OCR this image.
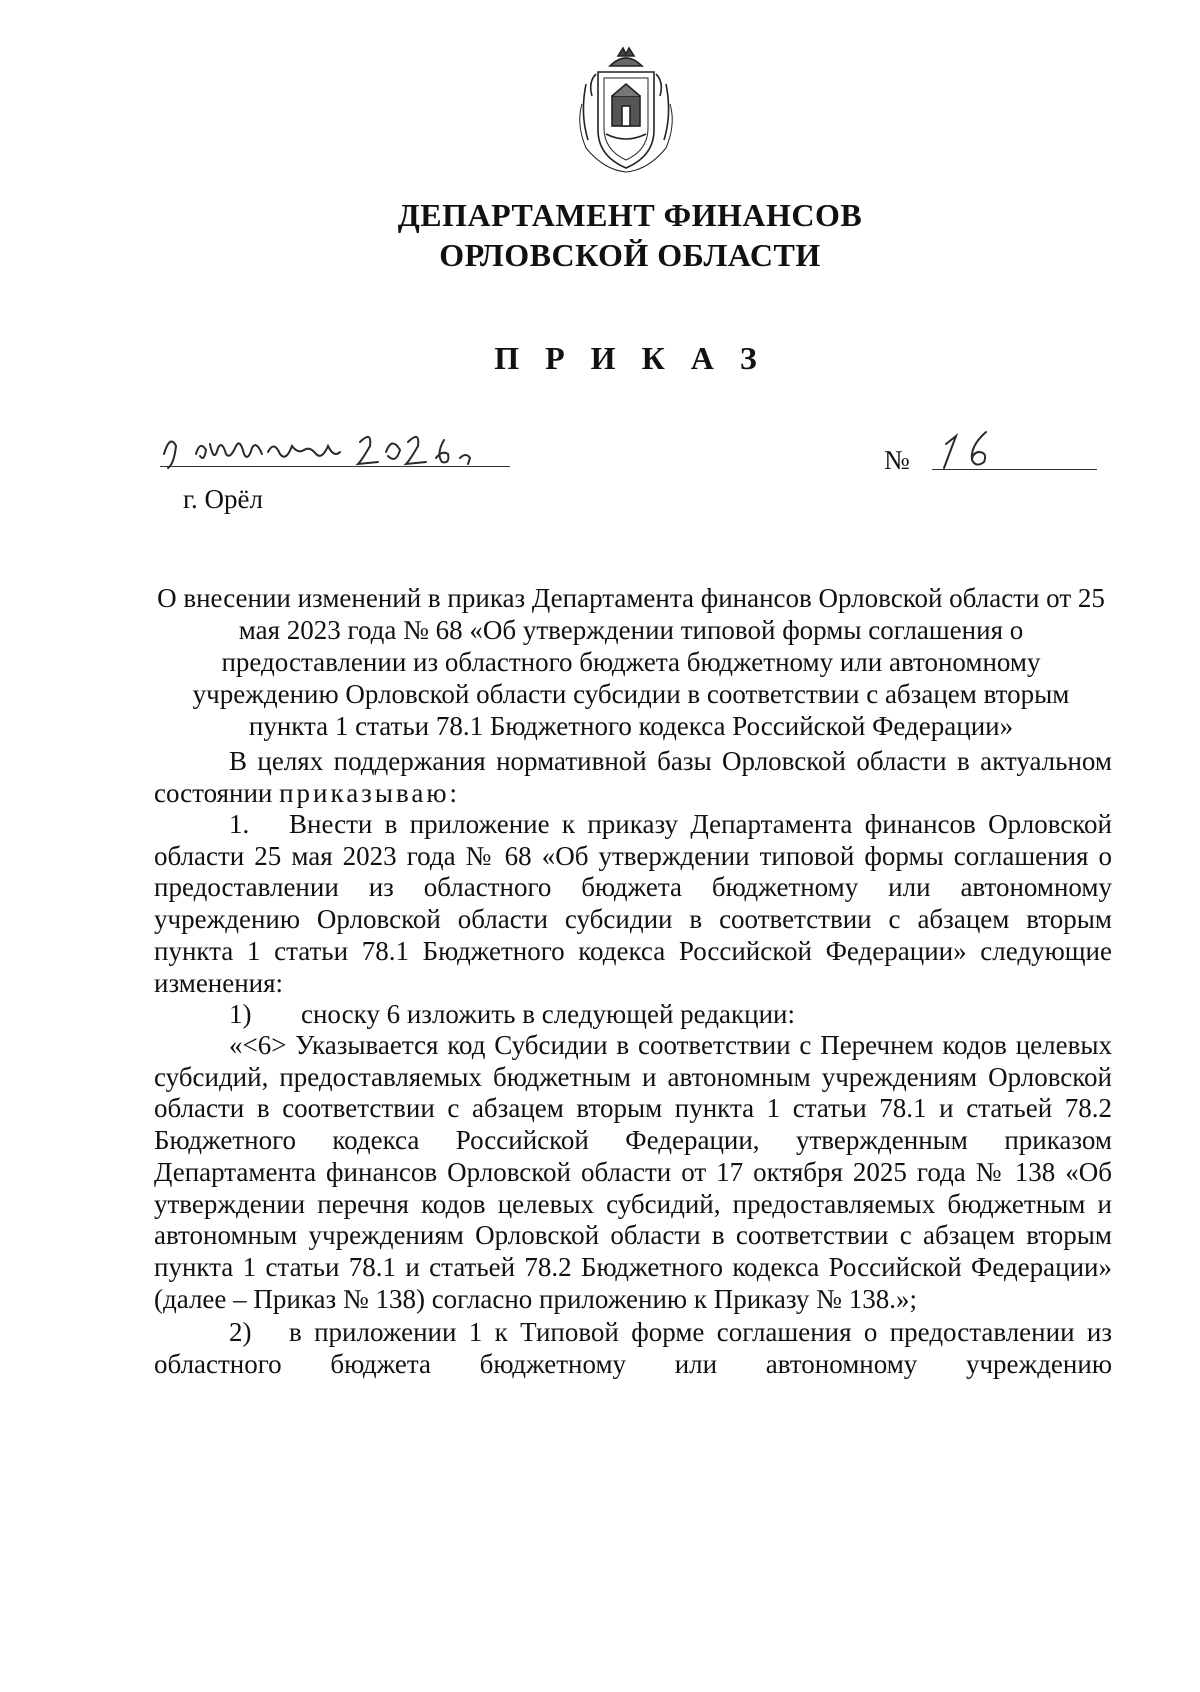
ДЕПАРТАМЕНТ ФИНАНСОВ
ОРЛОВСКОЙ ОБЛАСТИ
П Р И К А З
№
г. Орёл
О внесении изменений в приказ Департамента финансов Орловской области от 25 мая 2023 года № 68 «Об утверждении типовой формы соглашения о предоставлении из областного бюджета бюджетному или автономному учреждению Орловской области субсидии в соответствии с абзацем вторым пункта 1 статьи 78.1 Бюджетного кодекса Российской Федерации»
В целях поддержания нормативной базы Орловской области в актуальном состоянии приказываю:
1. Внести в приложение к приказу Департамента финансов Орловской области 25 мая 2023 года № 68 «Об утверждении типовой формы соглашения о предоставлении из областного бюджета бюджетному или автономному учреждению Орловской области субсидии в соответствии с абзацем вторым пункта 1 статьи 78.1 Бюджетного кодекса Российской Федерации» следующие изменения:
1) сноску 6 изложить в следующей редакции:
«<6> Указывается код Субсидии в соответствии с Перечнем кодов целевых субсидий, предоставляемых бюджетным и автономным учреждениям Орловской области в соответствии с абзацем вторым пункта 1 статьи 78.1 и статьей 78.2 Бюджетного кодекса Российской Федерации, утвержденным приказом Департамента финансов Орловской области от 17 октября 2025 года № 138 «Об утверждении перечня кодов целевых субсидий, предоставляемых бюджетным и автономным учреждениям Орловской области в соответствии с абзацем вторым пункта 1 статьи 78.1 и статьей 78.2 Бюджетного кодекса Российской Федерации» (далее – Приказ № 138) согласно приложению к Приказу № 138.»;
2) в приложении 1 к Типовой форме соглашения о предоставлении из областного бюджета бюджетному или автономному учреждению
